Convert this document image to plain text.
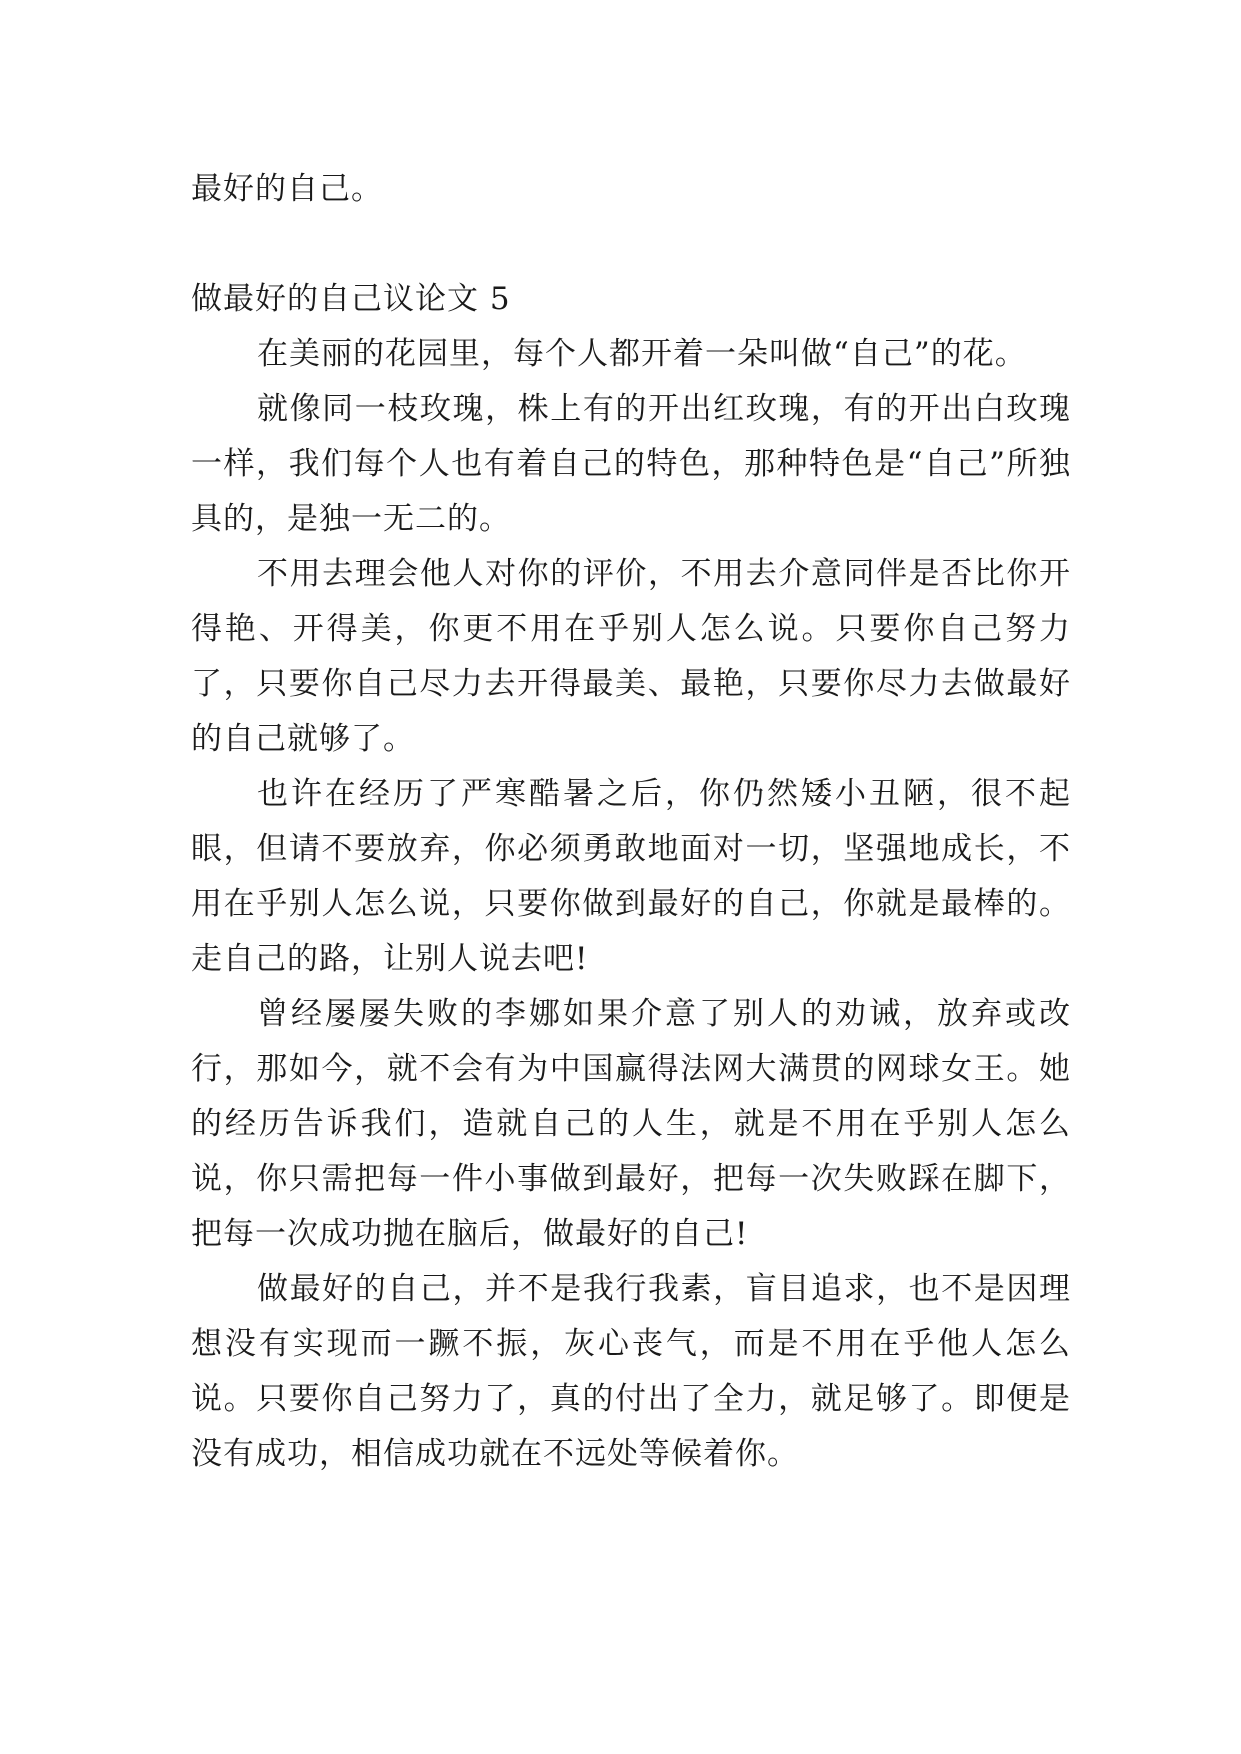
最好的自己。

做最好的自己议论文 5

在美丽的花园里，每个人都开着一朵叫做“自己”的花。

就像同一枝玫瑰，株上有的开出红玫瑰，有的开出白玫瑰一样，我们每个人也有着自己的特色，那种特色是“自己”所独具的，是独一无二的。

不用去理会他人对你的评价，不用去介意同伴是否比你开得艳、开得美，你更不用在乎别人怎么说。只要你自己努力了，只要你自己尽力去开得最美、最艳，只要你尽力去做最好的自己就够了。

也许在经历了严寒酷暑之后，你仍然矮小丑陋，很不起眼，但请不要放弃，你必须勇敢地面对一切，坚强地成长，不用在乎别人怎么说，只要你做到最好的自己，你就是最棒的。走自己的路，让别人说去吧!

曾经屡屡失败的李娜如果介意了别人的劝诫，放弃或改行，那如今，就不会有为中国赢得法网大满贯的网球女王。她的经历告诉我们，造就自己的人生，就是不用在乎别人怎么说，你只需把每一件小事做到最好，把每一次失败踩在脚下，把每一次成功抛在脑后，做最好的自己!

做最好的自己，并不是我行我素，盲目追求，也不是因理想没有实现而一蹶不振，灰心丧气，而是不用在乎他人怎么说。只要你自己努力了，真的付出了全力，就足够了。即便是没有成功，相信成功就在不远处等候着你。
